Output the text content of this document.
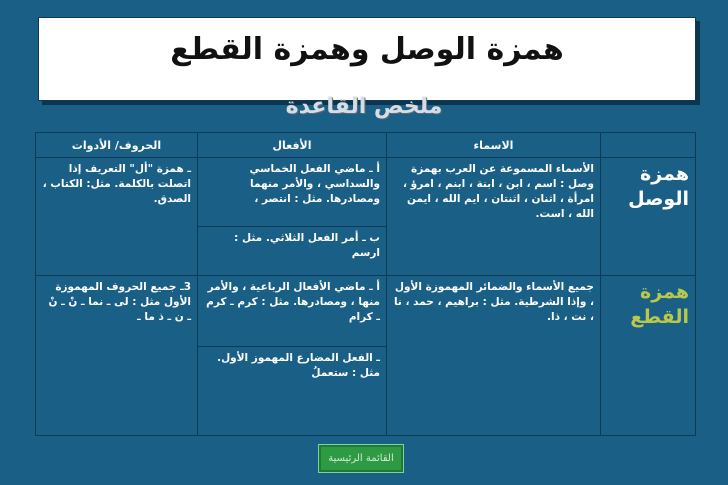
همزة الوصل وهمزة القطع
ملخص القاعدة
	الاسماء	الأفعال	الحروف/ الأدوات
همزة الوصل	الأسماء المسموعة عن العرب بهمزة وصل : اسم ، ابن ، ابنة ، ابنم ، امرؤ ، امرأة ، اثنان ، اثنتان ، ايم الله ، ايمن الله ، است.	أ ـ ماضي الفعل الخماسي والسداسي ، والأمر منهما ومصادرها. مثل : انتصر ،	ـ همزة "أل" التعريف إذا اتصلت بالكلمة. مثل: الكتاب ، الصدق.
		ب ـ أمر الفعل الثلاثي. مثل : ارسم	
همزة القطع	جميع الأسماء والضمائر المهموزة الأول ، وإذا الشرطية. مثل : براهيم ، حمد ، نا ، نت ، ذا.	أ ـ ماضي الأفعال الرباعية ، والأمر منها ، ومصادرها. مثل : كرم ـ كرم ـ كرام	3ـ جميع الحروف المهموزة الأول مثل : لى ـ نما ـ نْ ـ نْ ـ ن ـ ذ ما ـ
		ـ الفعل المضارع المهموز الأول. مثل : ستعملُ	
القائمة الرئيسية
